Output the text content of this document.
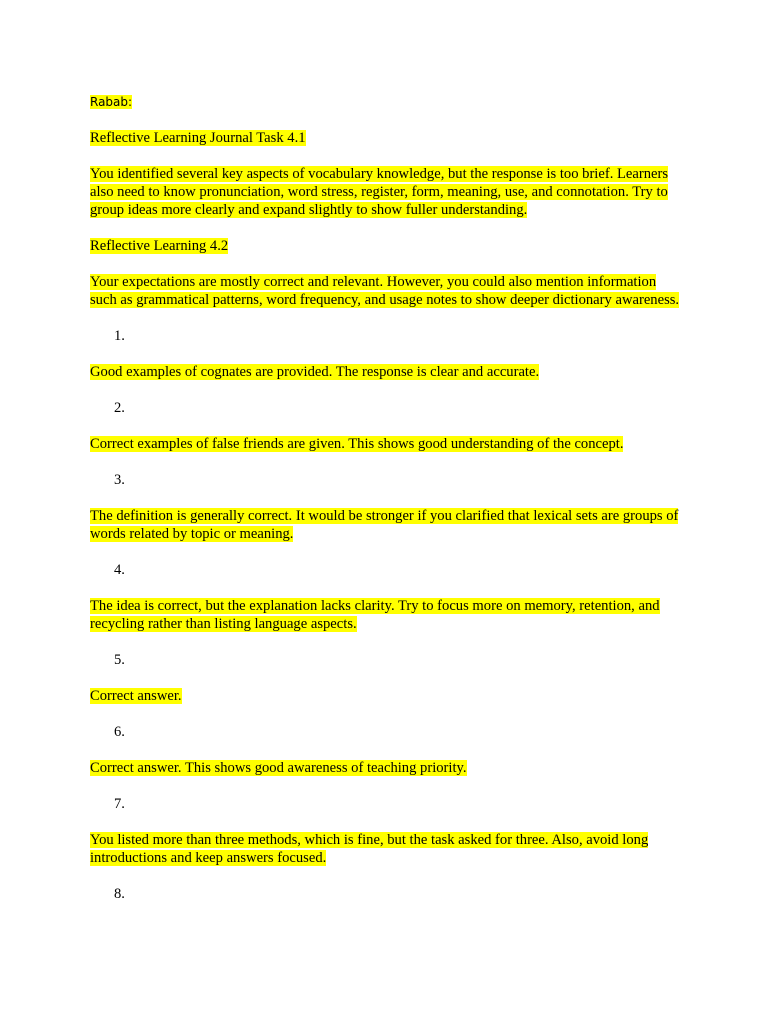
Rabab:

Reflective Learning Journal Task 4.1

You identified several key aspects of vocabulary knowledge, but the response is too brief. Learners also need to know pronunciation, word stress, register, form, meaning, use, and connotation. Try to group ideas more clearly and expand slightly to show fuller understanding.

Reflective Learning 4.2

Your expectations are mostly correct and relevant. However, you could also mention information such as grammatical patterns, word frequency, and usage notes to show deeper dictionary awareness.

1.

Good examples of cognates are provided. The response is clear and accurate.

2.

Correct examples of false friends are given. This shows good understanding of the concept.

3.

The definition is generally correct. It would be stronger if you clarified that lexical sets are groups of words related by topic or meaning.

4.

The idea is correct, but the explanation lacks clarity. Try to focus more on memory, retention, and recycling rather than listing language aspects.

5.

Correct answer.

6.

Correct answer. This shows good awareness of teaching priority.

7.

You listed more than three methods, which is fine, but the task asked for three. Also, avoid long introductions and keep answers focused.

8.
